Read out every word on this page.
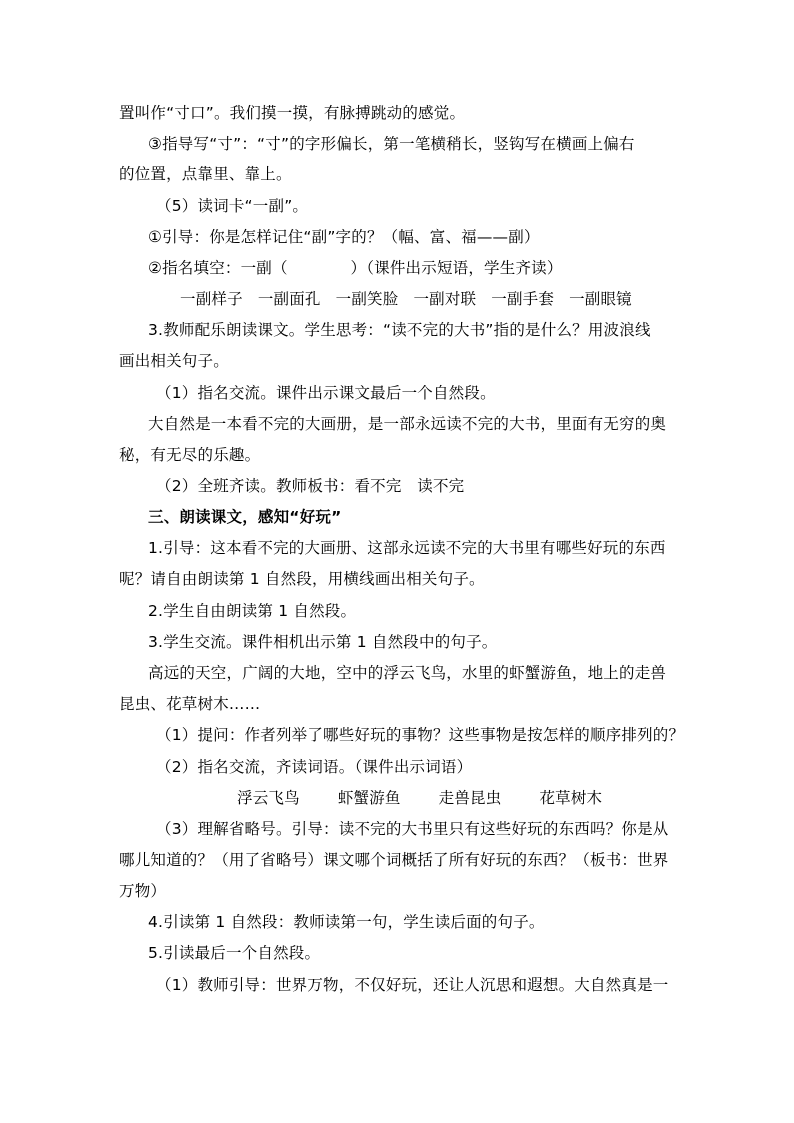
置叫作“寸口”。我们摸一摸，有脉搏跳动的感觉。
③指导写“寸”：“寸”的字形偏长，第一笔横稍长，竖钩写在横画上偏右
的位置，点靠里、靠上。
（5）读词卡“一副”。
①引导：你是怎样记住“副”字的？（幅、富、福——副）
②指名填空：一副（　　　　）（课件出示短语，学生齐读）
一副样子 一副面孔 一副笑脸 一副对联 一副手套 一副眼镜
3.教师配乐朗读课文。学生思考：“读不完的大书”指的是什么？用波浪线
画出相关句子。
（1）指名交流。课件出示课文最后一个自然段。
大自然是一本看不完的大画册，是一部永远读不完的大书，里面有无穷的奥
秘，有无尽的乐趣。
（2）全班齐读。教师板书：看不完　读不完
三、朗读课文，感知“好玩”
1.引导：这本看不完的大画册、这部永远读不完的大书里有哪些好玩的东西
呢？请自由朗读第 1 自然段，用横线画出相关句子。
2.学生自由朗读第 1 自然段。
3.学生交流。课件相机出示第 1 自然段中的句子。
高远的天空，广阔的大地，空中的浮云飞鸟，水里的虾蟹游鱼，地上的走兽
昆虫、花草树木……
（1）提问：作者列举了哪些好玩的事物？这些事物是按怎样的顺序排列的？
（2）指名交流，齐读词语。（课件出示词语）
浮云飞鸟 虾蟹游鱼 走兽昆虫 花草树木
（3）理解省略号。引导：读不完的大书里只有这些好玩的东西吗？你是从
哪儿知道的？（用了省略号）课文哪个词概括了所有好玩的东西？（板书：世界
万物）
4.引读第 1 自然段：教师读第一句，学生读后面的句子。
5.引读最后一个自然段。
（1）教师引导：世界万物，不仅好玩，还让人沉思和遐想。大自然真是一
